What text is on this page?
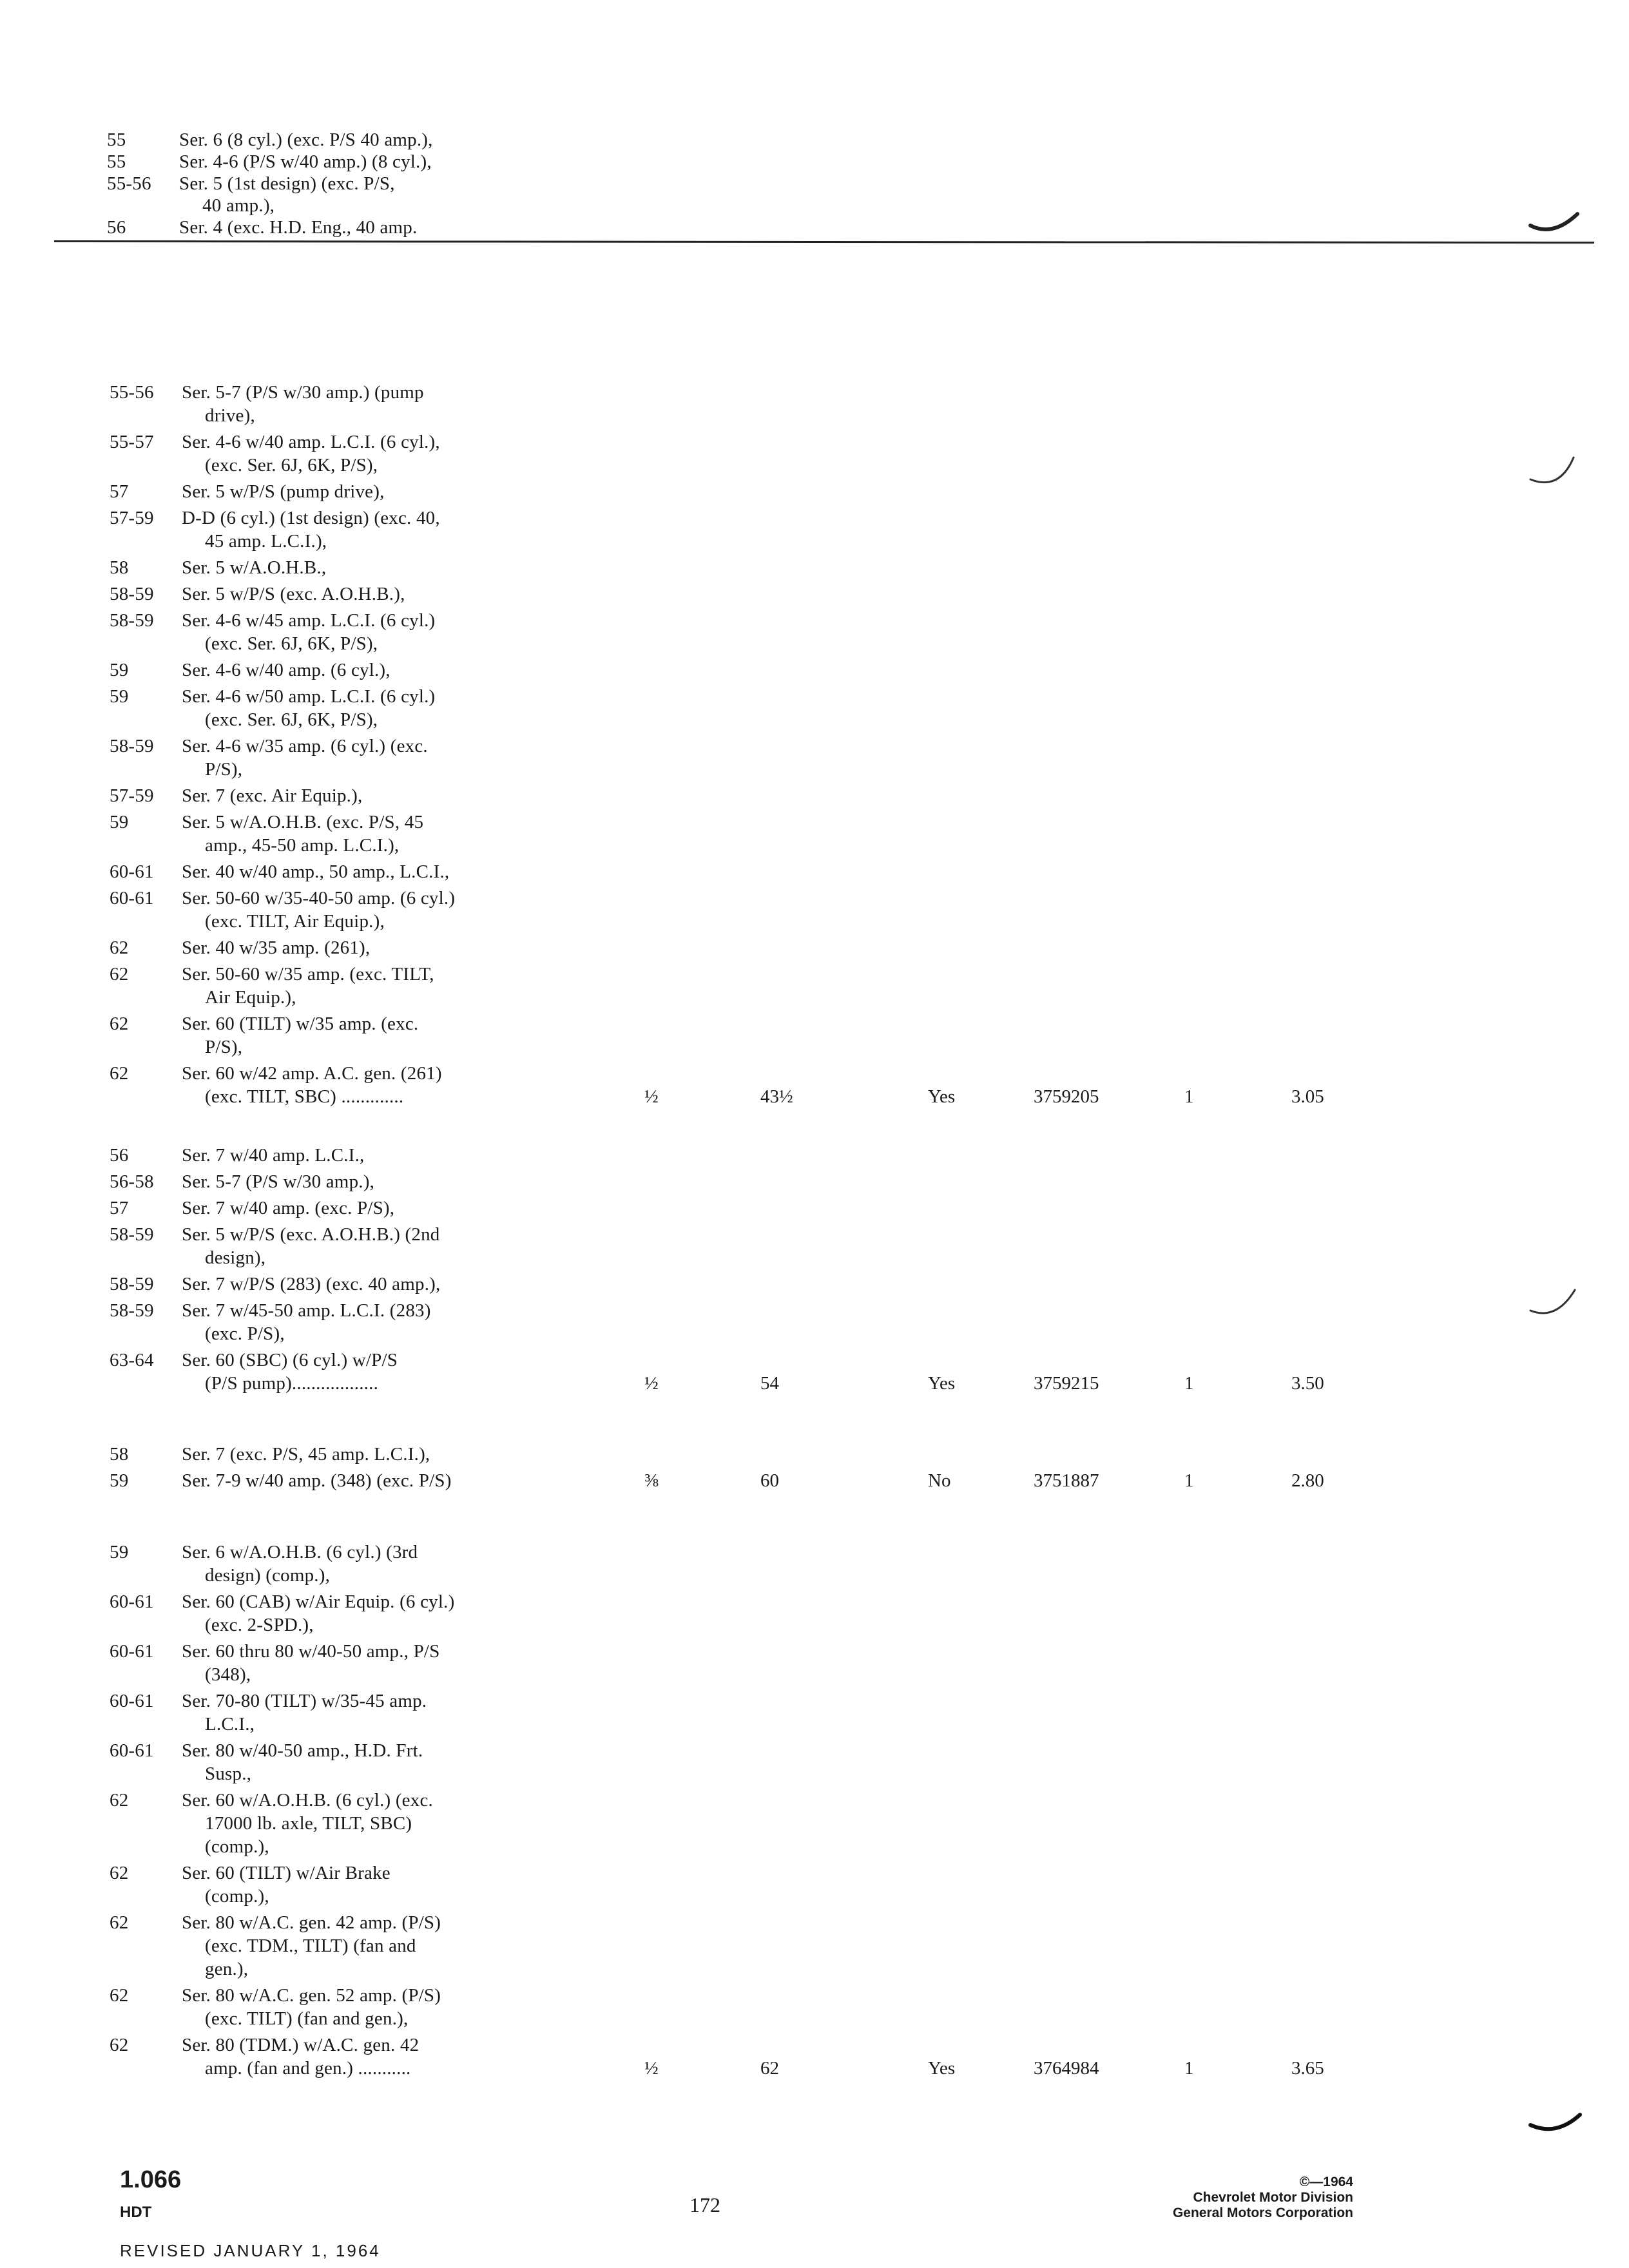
55	Ser. 6 (8 cyl.) (exc. P/S 40 amp.),
55	Ser. 4-6 (P/S w/40 amp.) (8 cyl.),
55-56 Ser. 5 (1st design) (exc. P/S,
40 amp.),
56	Ser. 4 (exc. H.D. Eng., 40 amp.
55-56 Ser. 5-7 (P/S w/30 amp.) (pump
drive),
55-57 Ser. 4-6 w/40 amp. L.C.I. (6 cyl.),
(exc. Ser. 6J, 6K, P/S),
57	Ser. 5 w/P/S (pump drive),
57-59 D-D (6 cyl.) (1st design) (exc. 40,
45 amp. L.C.I.),
58	Ser. 5 w/A.O.H.B.,
58-59 Ser. 5 w/P/S (exc. A.O.H.B.),
58-59 Ser. 4-6 w/45 amp. L.C.I. (6 cyl.)
(exc. Ser. 6J, 6K, P/S),
59	Ser. 4-6 w/40 amp. (6 cyl.),
59	Ser. 4-6 w/50 amp. L.C.I. (6 cyl.)
(exc. Ser. 6J, 6K, P/S),
58-59 Ser. 4-6 w/35 amp. (6 cyl.) (exc.
P/S),
57-59 Ser. 7 (exc. Air Equip.),
59	Ser. 5 w/A.O.H.B. (exc. P/S, 45
amp., 45-50 amp. L.C.I.),
60-61 Ser. 40 w/40 amp., 50 amp., L.C.I.,
60-61 Ser. 50-60 w/35-40-50 amp. (6 cyl.)
(exc. TILT, Air Equip.),
62	Ser. 40 w/35 amp. (261),
62	Ser. 50-60 w/35 amp. (exc. TILT,
Air Equip.),
62	Ser. 60 (TILT) w/35 amp. (exc.
P/S),
62	Ser. 60 w/42 amp. A.C. gen. (261)
(exc. TILT, SBC) .............	½	43½	Yes	3759205	1	3.05
56	Ser. 7 w/40 amp. L.C.I.,
56-58 Ser. 5-7 (P/S w/30 amp.),
57	Ser. 7 w/40 amp. (exc. P/S),
58-59 Ser. 5 w/P/S (exc. A.O.H.B.) (2nd
design),
58-59 Ser. 7 w/P/S (283) (exc. 40 amp.),
58-59 Ser. 7 w/45-50 amp. L.C.I. (283)
(exc. P/S),
63-64 Ser. 60 (SBC) (6 cyl.) w/P/S
(P/S pump)..................	½	54	Yes	3759215	1	3.50
58	Ser. 7 (exc. P/S, 45 amp. L.C.I.),
59	Ser. 7-9 w/40 amp. (348) (exc. P/S)	⅜	60	No	3751887	1	2.80
59	Ser. 6 w/A.O.H.B. (6 cyl.) (3rd
design) (comp.),
60-61 Ser. 60 (CAB) w/Air Equip. (6 cyl.)
(exc. 2-SPD.),
60-61 Ser. 60 thru 80 w/40-50 amp., P/S
(348),
60-61 Ser. 70-80 (TILT) w/35-45 amp.
L.C.I.,
60-61 Ser. 80 w/40-50 amp., H.D. Frt.
Susp.,
62	Ser. 60 w/A.O.H.B. (6 cyl.) (exc.
17000 lb. axle, TILT, SBC)
(comp.),
62	Ser. 60 (TILT) w/Air Brake
(comp.),
62	Ser. 80 w/A.C. gen. 42 amp. (P/S)
(exc. TDM., TILT) (fan and
gen.),
62	Ser. 80 w/A.C. gen. 52 amp. (P/S)
(exc. TILT) (fan and gen.),
62	Ser. 80 (TDM.) w/A.C. gen. 42
amp. (fan and gen.) ...........	½	62	Yes	3764984	1	3.65
1.066
HDT	172
REVISED JANUARY 1, 1964
©—1964
Chevrolet Motor Division
General Motors Corporation
